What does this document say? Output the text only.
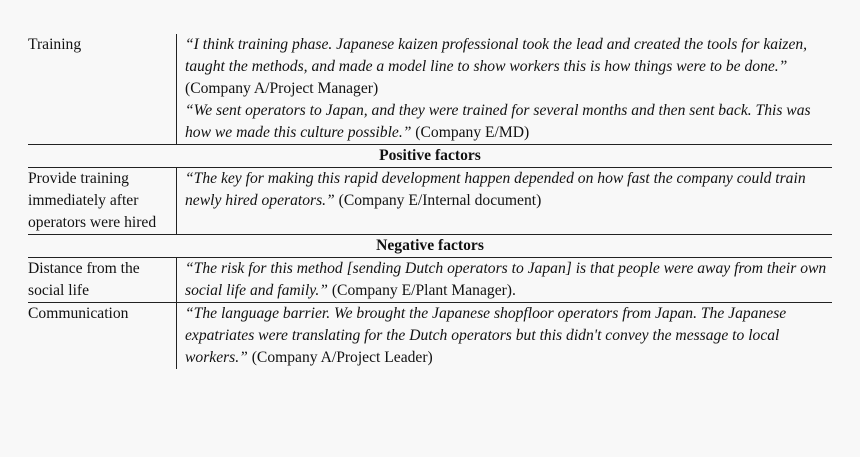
Training	“I think training phase. Japanese kaizen professional took the lead and created the tools for kaizen, taught the methods, and made a model line to show workers this is how things were to be done.” (Company A/Project Manager)
“We sent operators to Japan, and they were trained for several months and then sent back. This was how we made this culture possible.” (Company E/MD)
Positive factors
Provide training immediately after operators were hired
“The key for making this rapid development happen depended on how fast the company could train newly hired operators.” (Company E/Internal document)
Negative factors
Distance from the social life
“The risk for this method [sending Dutch operators to Japan] is that people were away from their own social life and family.” (Company E/Plant Manager).
Communication	“The language barrier. We brought the Japanese shopfloor operators from Japan. The Japanese expatriates were translating for the Dutch operators but this didn't convey the message to local workers.” (Company A/Project Leader)
